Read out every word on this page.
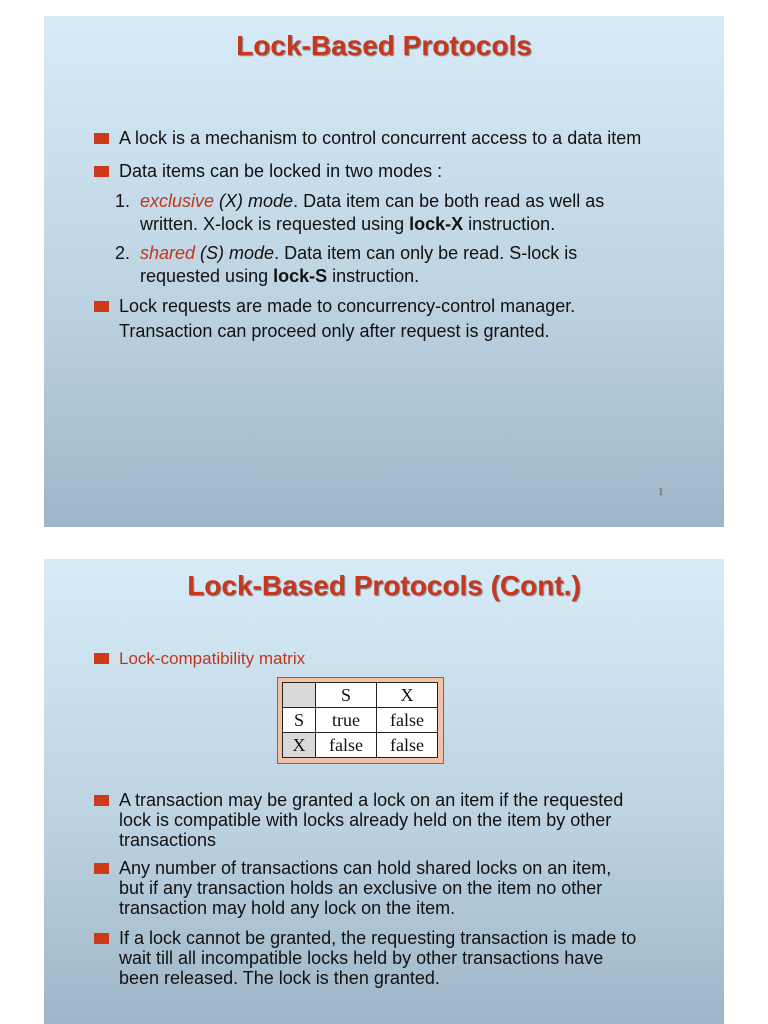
Lock-Based Protocols

A lock is a mechanism to control concurrent access to a data item

Data items can be locked in two modes :

1. exclusive (X) mode. Data item can be both read as well as
written. X-lock is requested using lock-X instruction.

2. shared (S) mode. Data item can only be read. S-lock is
requested using lock-S instruction.

Lock requests are made to concurrency-control manager.
Transaction can proceed only after request is granted.

1
Lock-Based Protocols (Cont.)

Lock-compatibility matrix

	S	X
S	true	false
X	false	false

A transaction may be granted a lock on an item if the requested
lock is compatible with locks already held on the item by other
transactions

Any number of transactions can hold shared locks on an item,
but if any transaction holds an exclusive on the item no other
transaction may hold any lock on the item.

If a lock cannot be granted, the requesting transaction is made to
wait till all incompatible locks held by other transactions have
been released. The lock is then granted.
